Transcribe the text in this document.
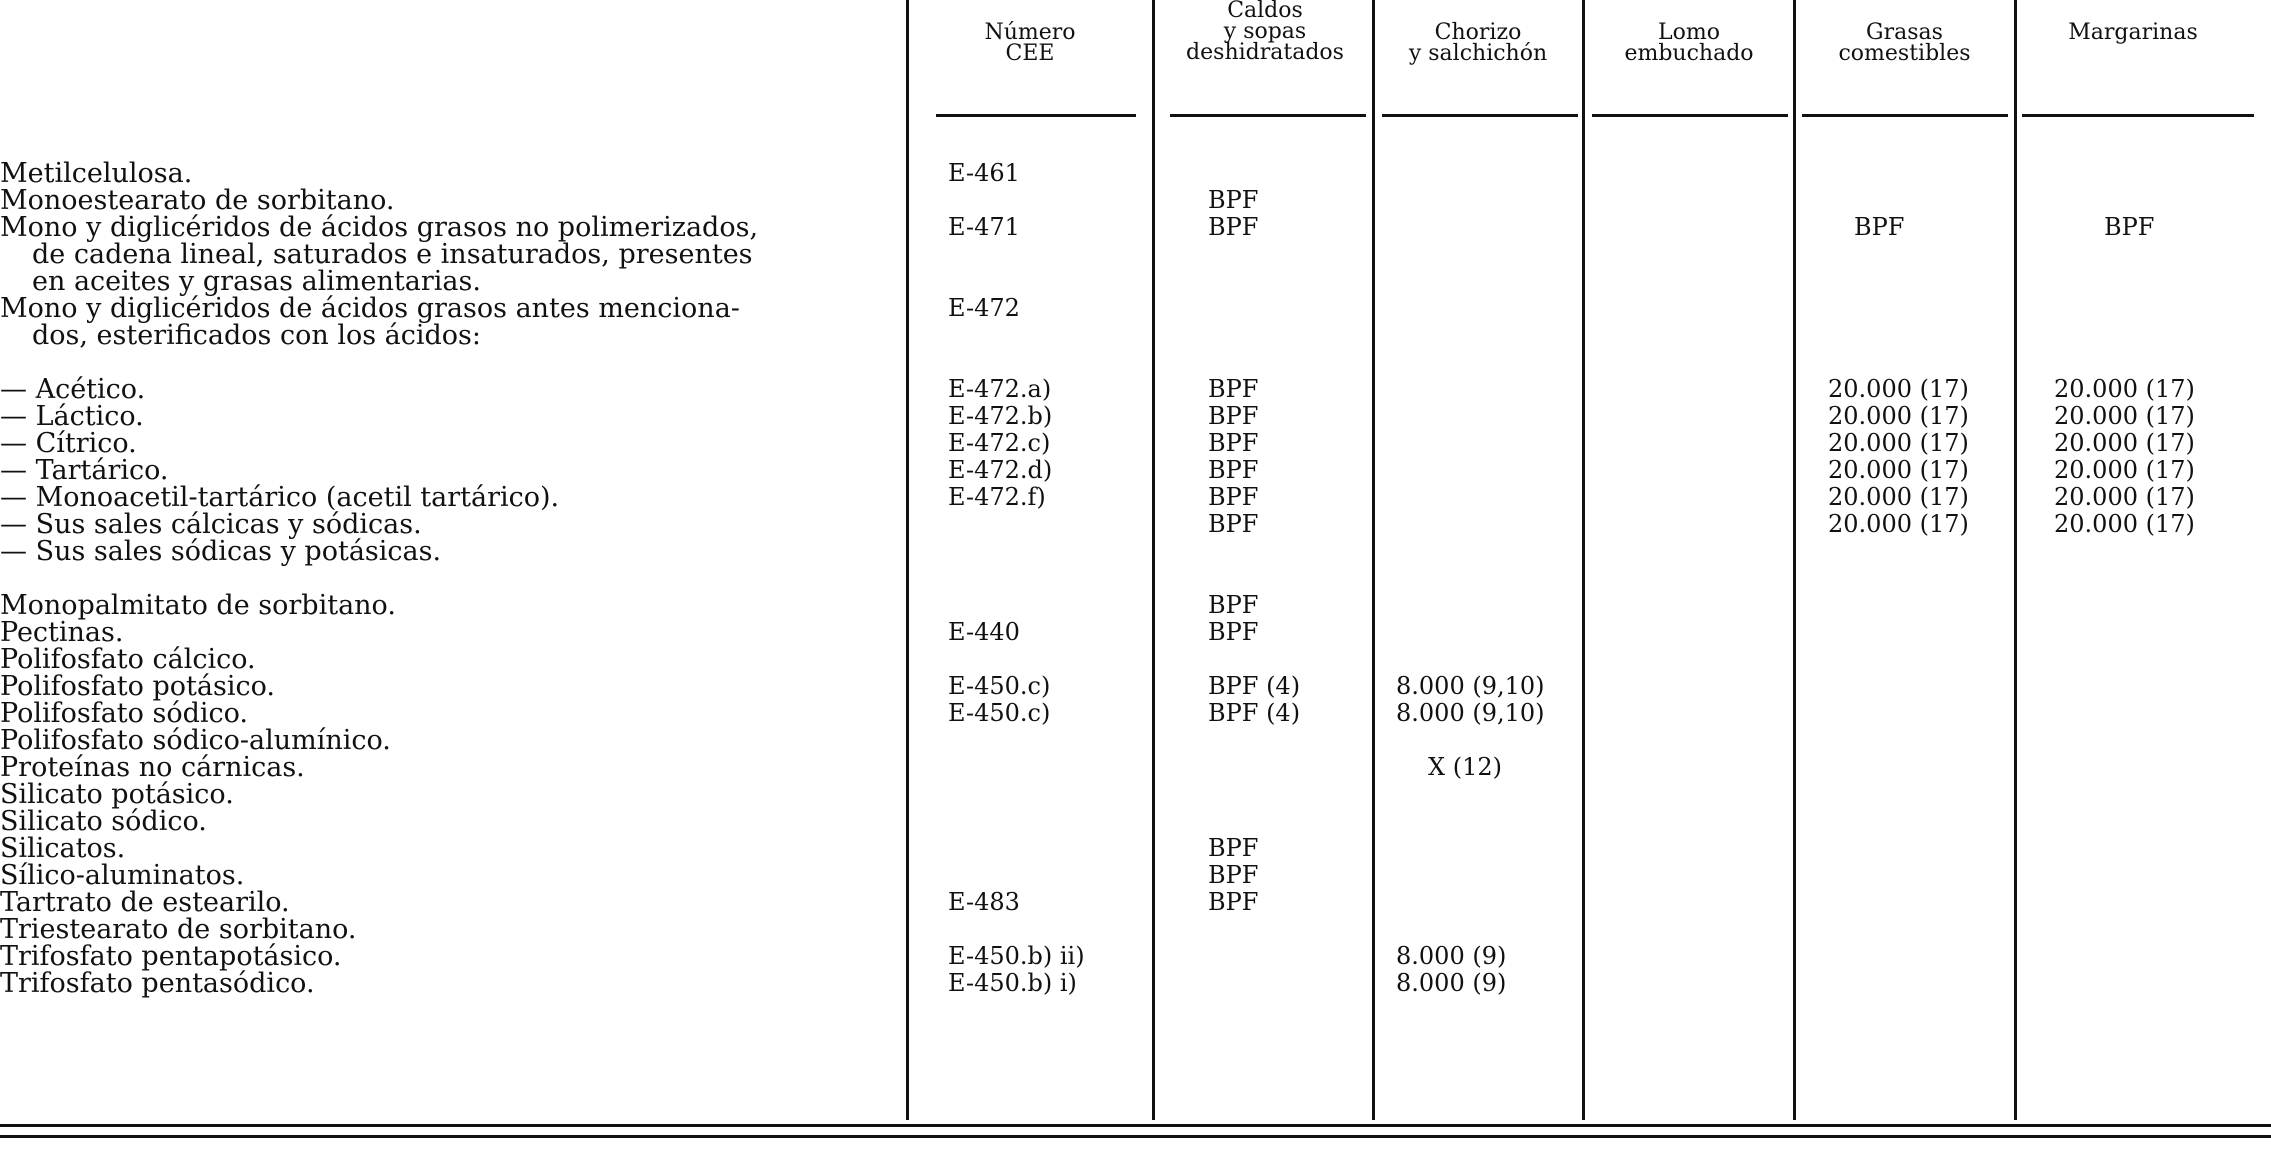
Número
CEE
Caldos
y sopas
deshidratados
Chorizo
y salchichón
Lomo
embuchado
Grasas
comestibles
Margarinas
Metilcelulosa.
Monoestearato de sorbitano.
Mono y diglicéridos de ácidos grasos no polimerizados,
de cadena lineal, saturados e insaturados, presentes
en aceites y grasas alimentarias.
Mono y diglicéridos de ácidos grasos antes menciona-
dos, esterificados con los ácidos:
— Acético.
— Láctico.
— Cítrico.
— Tartárico.
— Monoacetil-tartárico (acetil tartárico).
— Sus sales cálcicas y sódicas.
— Sus sales sódicas y potásicas.
Monopalmitato de sorbitano.
Pectinas.
Polifosfato cálcico.
Polifosfato potásico.
Polifosfato sódico.
Polifosfato sódico-alumínico.
Proteínas no cárnicas.
Silicato potásico.
Silicato sódico.
Silicatos.
Sílico-aluminatos.
Tartrato de estearilo.
Triestearato de sorbitano.
Trifosfato pentapotásico.
Trifosfato pentasódico.
E-461
E-471
E-472
E-472.a)
E-472.b)
E-472.c)
E-472.d)
E-472.f)
E-440
E-450.c)
E-450.c)
E-483
E-450.b) ii)
E-450.b) i)
BPF
BPF
BPF
BPF
BPF
BPF
BPF
BPF
BPF
BPF
BPF (4)
BPF (4)
BPF
BPF
BPF
8.000 (9,10)
8.000 (9,10)
X (12)
8.000 (9)
8.000 (9)
BPF
20.000 (17)
20.000 (17)
20.000 (17)
20.000 (17)
20.000 (17)
20.000 (17)
BPF
20.000 (17)
20.000 (17)
20.000 (17)
20.000 (17)
20.000 (17)
20.000 (17)
